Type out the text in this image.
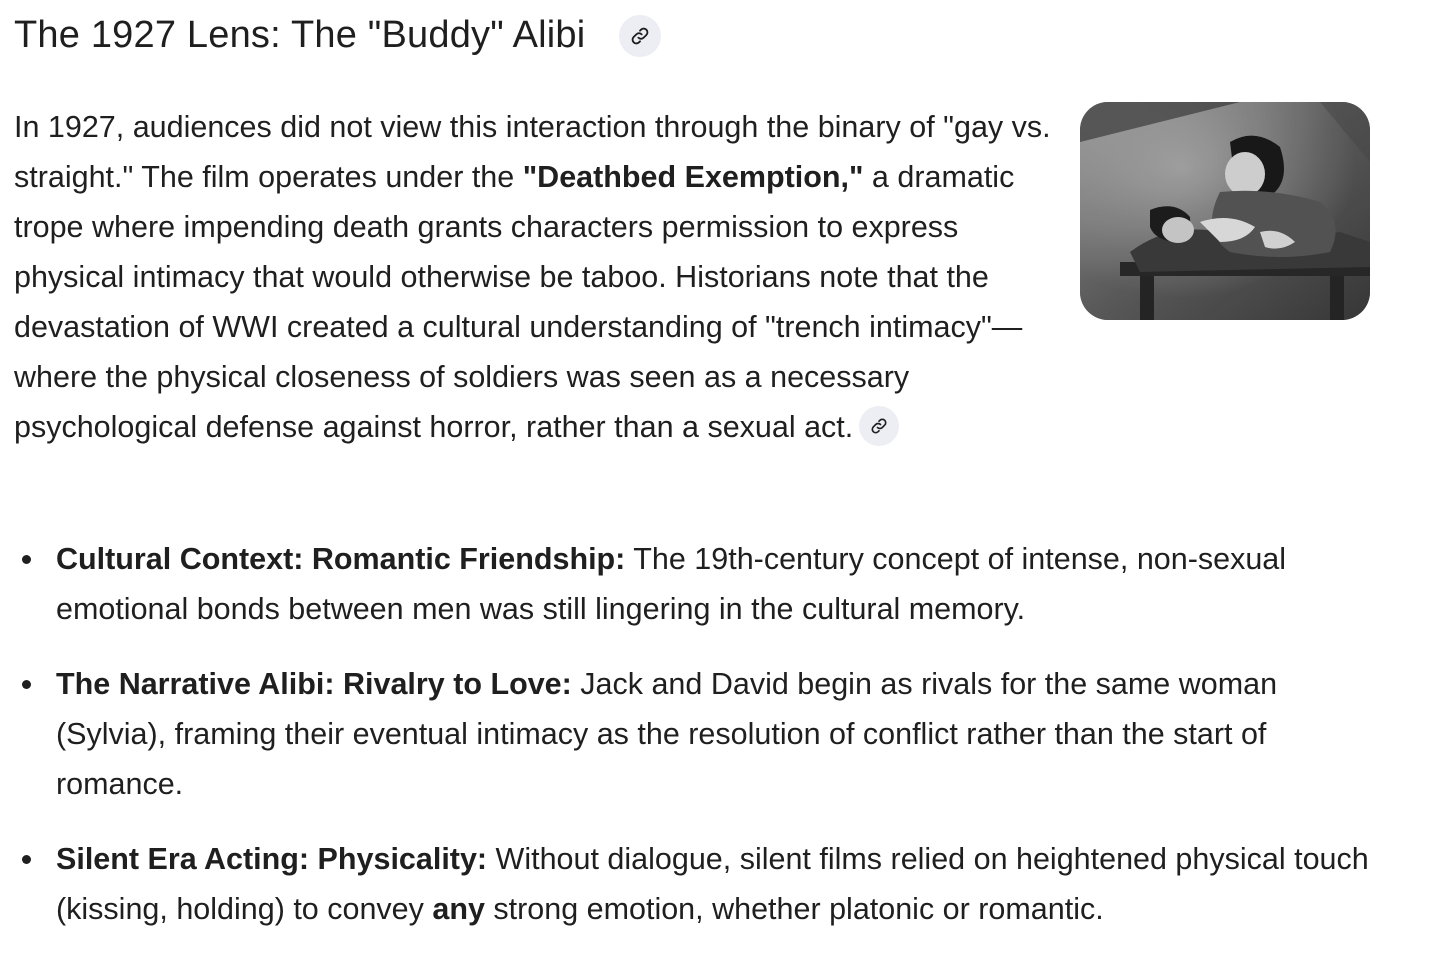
The 1927 Lens: The "Buddy" Alibi

In 1927, audiences did not view this interaction through the binary of "gay vs. straight." The film operates under the "Deathbed Exemption," a dramatic trope where impending death grants characters permission to express physical intimacy that would otherwise be taboo. Historians note that the devastation of WWI created a cultural understanding of "trench intimacy"—where the physical closeness of soldiers was seen as a necessary psychological defense against horror, rather than a sexual act.

Cultural Context: Romantic Friendship: The 19th-century concept of intense, non-sexual emotional bonds between men was still lingering in the cultural memory.
The Narrative Alibi: Rivalry to Love: Jack and David begin as rivals for the same woman (Sylvia), framing their eventual intimacy as the resolution of conflict rather than the start of romance.
Silent Era Acting: Physicality: Without dialogue, silent films relied on heightened physical touch (kissing, holding) to convey any strong emotion, whether platonic or romantic.
